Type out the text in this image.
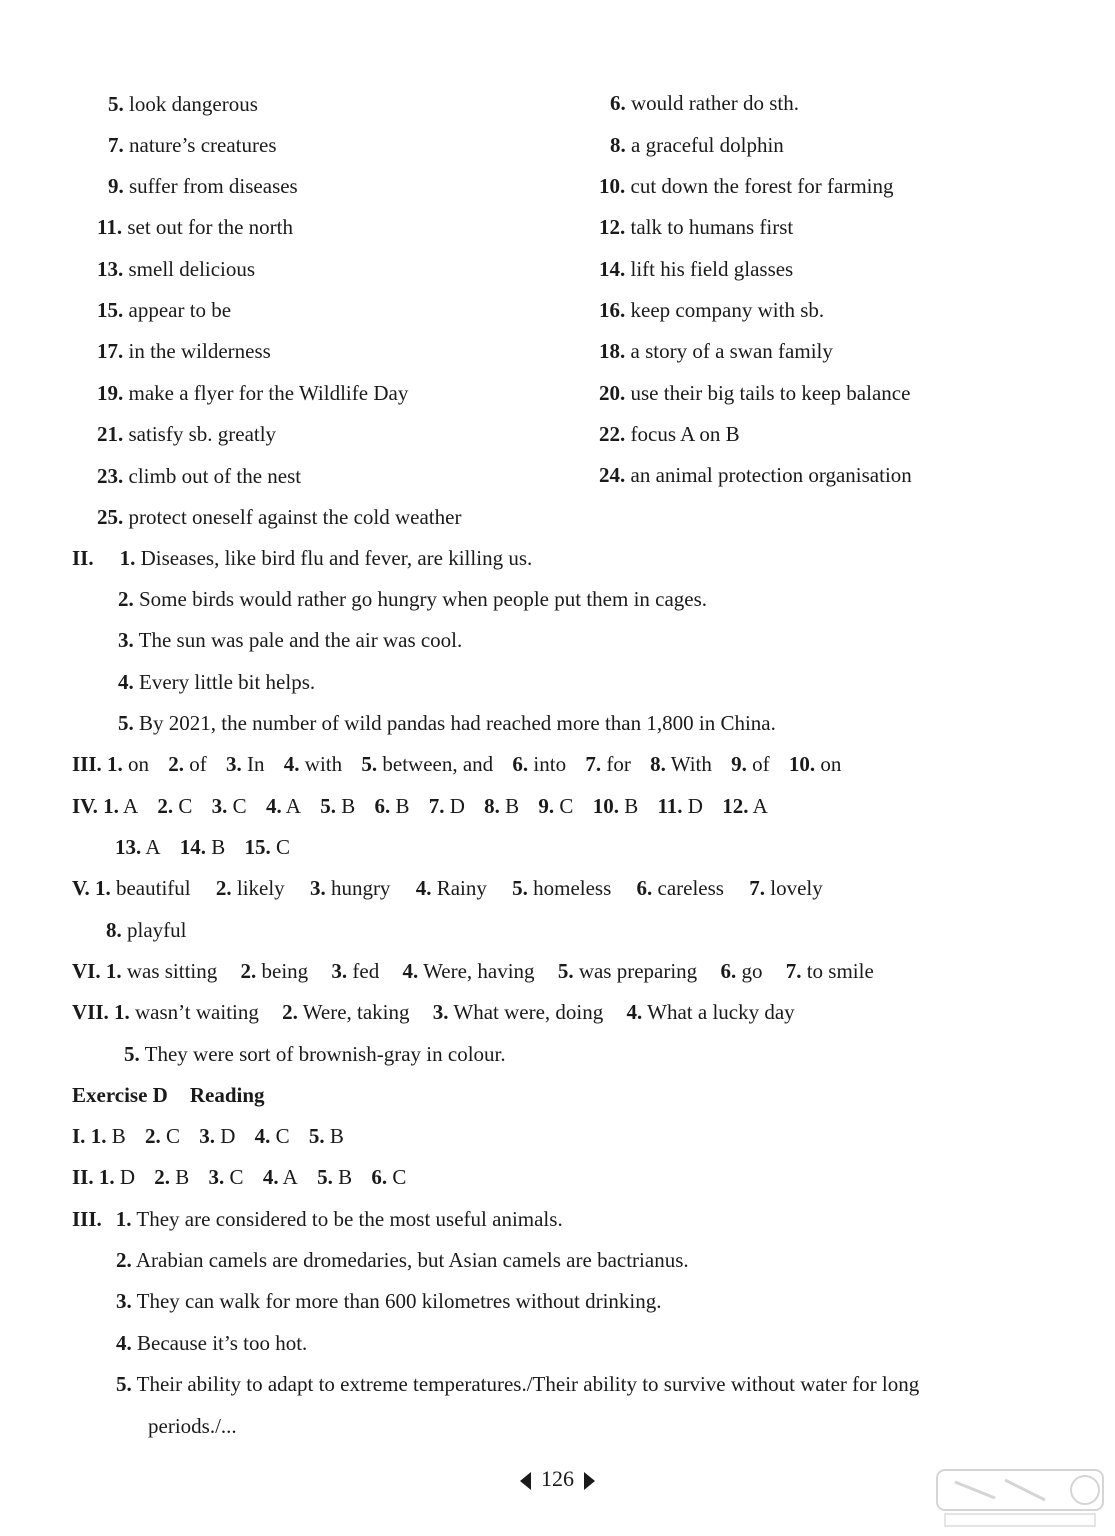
5. look dangerous	6. would rather do sth.
7. nature’s creatures	8. a graceful dolphin
9. suffer from diseases	10. cut down the forest for farming
11. set out for the north	12. talk to humans first
13. smell delicious	14. lift his field glasses
15. appear to be	16. keep company with sb.
17. in the wilderness	18. a story of a swan family
19. make a flyer for the Wildlife Day	20. use their big tails to keep balance
21. satisfy sb. greatly	22. focus A on B
23. climb out of the nest	24. an animal protection organisation
25. protect oneself against the cold weather
II. 1. Diseases, like bird flu and fever, are killing us.
2. Some birds would rather go hungry when people put them in cages.
3. The sun was pale and the air was cool.
4. Every little bit helps.
5. By 2021, the number of wild pandas had reached more than 1,800 in China.
III. 1. on 2. of 3. In 4. with 5. between, and 6. into 7. for 8. With 9. of 10. on
IV. 1. A 2. C 3. C 4. A 5. B 6. B 7. D 8. B 9. C 10. B 11. D 12. A
13. A 14. B 15. C
V. 1. beautiful 2. likely 3. hungry 4. Rainy 5. homeless 6. careless 7. lovely
8. playful
VI. 1. was sitting 2. being 3. fed 4. Were, having 5. was preparing 6. go 7. to smile
VII. 1. wasn’t waiting 2. Were, taking 3. What were, doing 4. What a lucky day
5. They were sort of brownish-gray in colour.
Exercise D Reading
I. 1. B 2. C 3. D 4. C 5. B
II. 1. D 2. B 3. C 4. A 5. B 6. C
III. 1. They are considered to be the most useful animals.
2. Arabian camels are dromedaries, but Asian camels are bactrianus.
3. They can walk for more than 600 kilometres without drinking.
4. Because it’s too hot.
5. Their ability to adapt to extreme temperatures./Their ability to survive without water for long
periods./...
126
